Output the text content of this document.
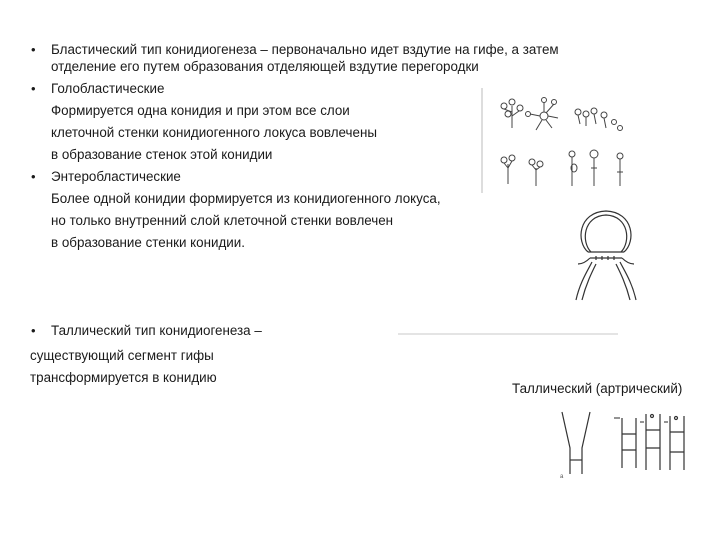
• Бластический тип конидиогенеза – первоначально идет вздутие на гифе, а затем
отделение его путем образования отделяющей вздутие перегородки
• Голобластические
Формируется одна конидия и при этом все слои
клеточной стенки конидиогенного локуса вовлечены
в образование стенок этой конидии
• Энтеробластические
Более одной конидии формируется из конидиогенного локуса,
но только внутренний слой клеточной стенки вовлечен
в образование стенки конидии.
• Таллический тип конидиогенеза –
существующий сегмент гифы
трансформируется в конидию
Таллический (артрический)
a
